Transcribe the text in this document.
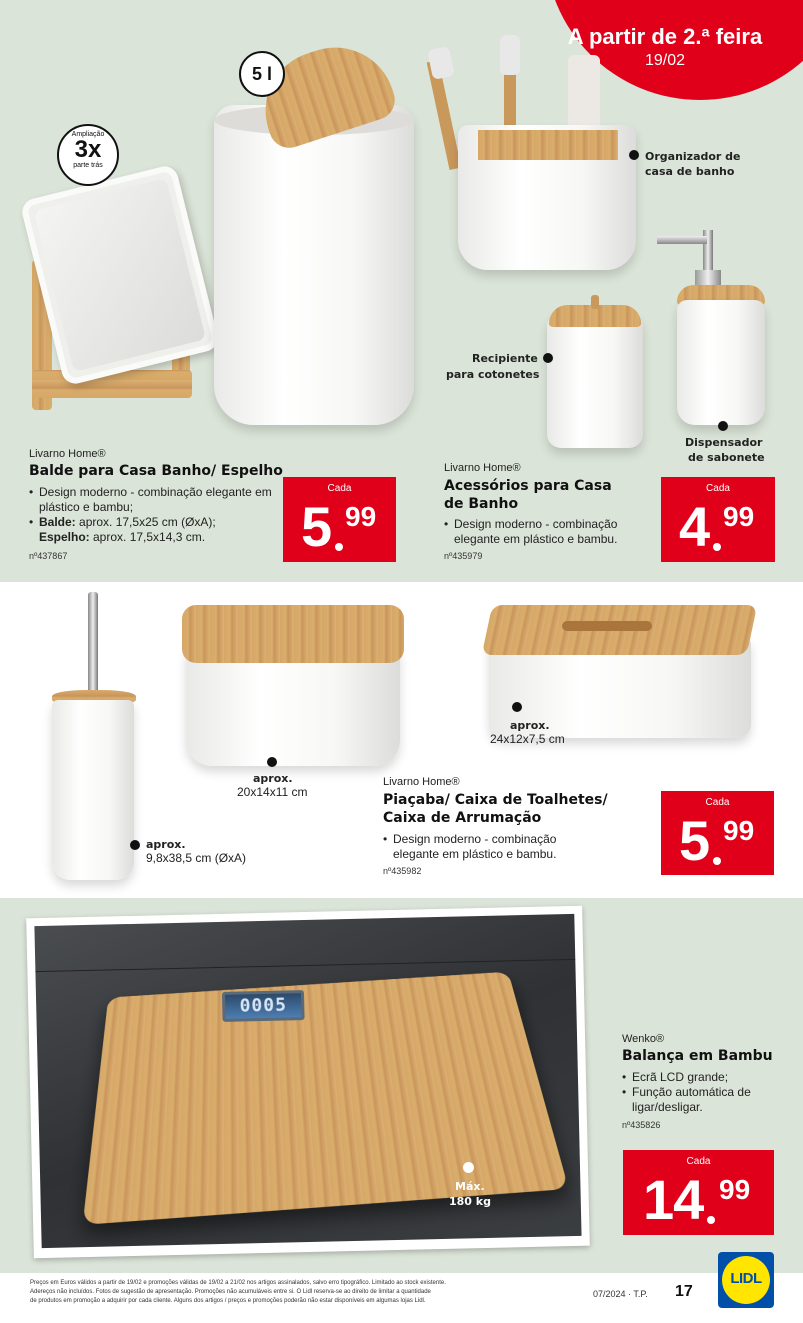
A partir de 2.ª feira
19/02
Ampliação
3x
parte trás
5 l
Organizador de
casa de banho
Recipiente
para cotonetes
Dispensador
de sabonete
Livarno Home®
Balde para Casa Banho/ Espelho
• Design moderno - combinação elegante em plástico e bambu;
• Balde: aprox. 17,5x25 cm (ØxA);
Espelho: aprox. 17,5x14,3 cm.
nº437867
Cada
5 99
Livarno Home®
Acessórios para Casa
de Banho
• Design moderno - combinação elegante em plástico e bambu.
nº435979
Cada
4 99
aprox.
9,8x38,5 cm (ØxA)
aprox.
20x14x11 cm
aprox.
24x12x7,5 cm
Livarno Home®
Piaçaba/ Caixa de Toalhetes/
Caixa de Arrumação
• Design moderno - combinação elegante em plástico e bambu.
nº435982
Cada
5 99
0005
Máx.
180 kg
Wenko®
Balança em Bambu
• Ecrã LCD grande;
• Função automática de ligar/desligar.
nº435826
Cada
14 99
Preços em Euros válidos a partir de 19/02 e promoções válidas de 19/02 a 21/02 nos artigos assinalados, salvo erro tipográfico. Limitado ao stock existente.
Adereços não incluídos. Fotos de sugestão de apresentação. Promoções não acumuláveis entre si. O Lidl reserva-se ao direito de limitar a quantidade
de produtos em promoção a adquirir por cada cliente. Alguns dos artigos / preços e promoções poderão não estar disponíveis em algumas lojas Lidl.
07/2024 · T.P. 17
LIDL
